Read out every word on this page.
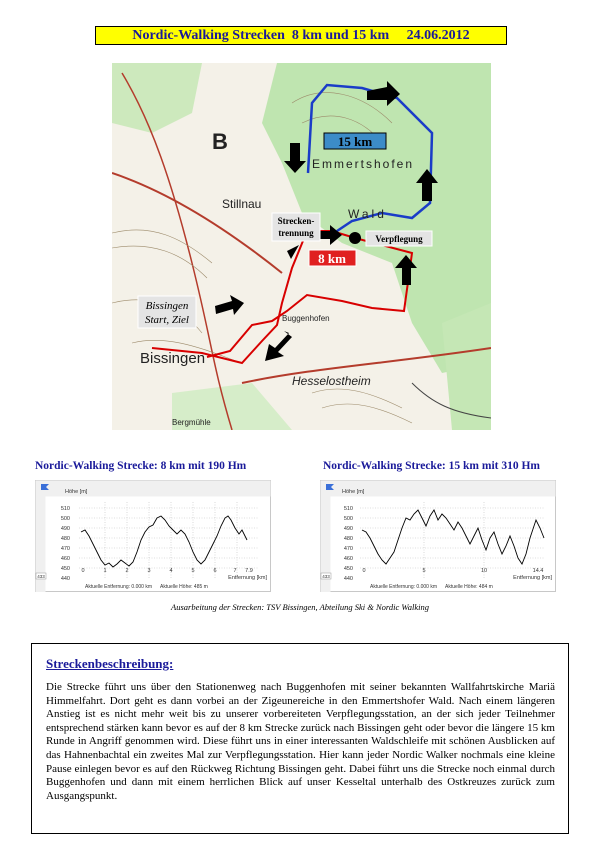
Nordic-Walking Strecken  8 km und 15 km     24.06.2012
B
Emmertshofen
Stillnau
Bissingen
Buggenhofen
Hesselostheim
Wald
Bergmühle
15 km
8 km
Strecken-
trennung
Verpflegung
Bissingen
Start, Ziel
Nordic-Walking Strecke: 8 km mit 190 Hm	Nordic-Walking Strecke: 15 km mit 310 Hm
Höhe [m]
510
500
490
480
470
460
450
440
0	1	2	3	4	5	6	7 7.9
Entfernung [km]
433
Aktuelle Entfernung: 0.000 km Aktuelle Höhe: 485 m
Höhe [m]
510
500
490
480
470
460
450
440
0	5	10	14.4
Entfernung [km]
433
Aktuelle Entfernung: 0.000 km Aktuelle Höhe: 484 m
Ausarbeitung der Strecken: TSV Bissingen, Abteilung Ski & Nordic Walking
Streckenbeschreibung:
Die Strecke führt uns über den Stationenweg nach Buggenhofen mit seiner bekannten Wallfahrtskirche Mariä Himmelfahrt. Dort geht es dann vorbei an der Zigeunereiche in den Emmertshofer Wald. Nach einem längeren Anstieg ist es nicht mehr weit bis zu unserer vorbereiteten Verpflegungsstation, an der sich jeder Teilnehmer entsprechend stärken kann bevor es auf der 8 km Strecke zurück nach Bissingen geht oder bevor die längere 15 km Runde in Angriff genommen wird. Diese führt uns in einer interessanten Waldschleife mit schönen Ausblicken auf das Hahnenbachtal ein zweites Mal zur Verpflegungsstation. Hier kann jeder Nordic Walker nochmals eine kleine Pause einlegen bevor es auf den Rückweg Richtung Bissingen geht. Dabei führt uns die Strecke noch einmal durch Buggenhofen und dann mit einem herrlichen Blick auf unser Kesseltal unterhalb des Ostkreuzes zurück zum Ausgangspunkt.
